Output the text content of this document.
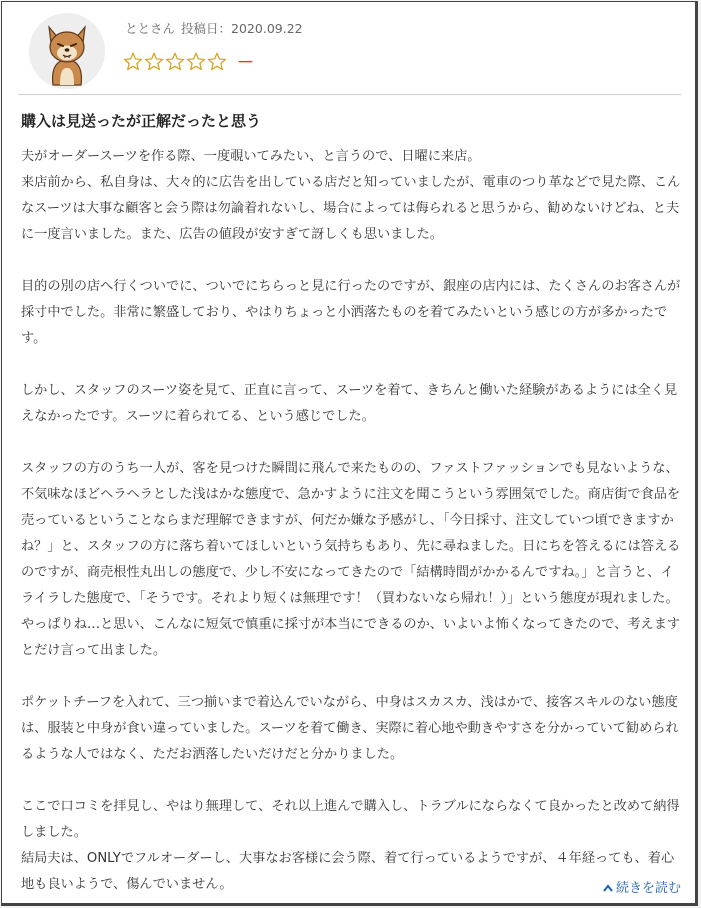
ととさん 投稿日：2020.09.22
－
購入は見送ったが正解だったと思う

夫がオーダースーツを作る際、一度覗いてみたい、と言うので、日曜に来店。

来店前から、私自身は、大々的に広告を出している店だと知っていましたが、電車のつり革などで見た際、こんなスーツは大事な顧客と会う際は勿論着れないし、場合によっては侮られると思うから、勧めないけどね、と夫に一度言いました。また、広告の値段が安すぎて訝しくも思いました。

目的の別の店へ行くついでに、ついでにちらっと見に行ったのですが、銀座の店内には、たくさんのお客さんが採寸中でした。非常に繁盛しており、やはりちょっと小洒落たものを着てみたいという感じの方が多かったです。

しかし、スタッフのスーツ姿を見て、正直に言って、スーツを着て、きちんと働いた経験があるようには全く見えなかったです。スーツに着られてる、という感じでした。

スタッフの方のうち一人が、客を見つけた瞬間に飛んで来たものの、ファストファッションでも見ないような、不気味なほどヘラヘラとした浅はかな態度で、急かすように注文を聞こうという雰囲気でした。商店街で食品を売っているということならまだ理解できますが、何だか嫌な予感がし、「今日採寸、注文していつ頃できますかね？」と、スタッフの方に落ち着いてほしいという気持ちもあり、先に尋ねました。日にちを答えるには答えるのですが、商売根性丸出しの態度で、少し不安になってきたので「結構時間がかかるんですね。」と言うと、イライラした態度で、「そうです。それより短くは無理です！（買わないなら帰れ！）」という態度が現れました。やっぱりね…と思い、こんなに短気で慎重に採寸が本当にできるのか、いよいよ怖くなってきたので、考えますとだけ言って出ました。

ポケットチーフを入れて、三つ揃いまで着込んでいながら、中身はスカスカ、浅はかで、接客スキルのない態度は、服装と中身が食い違っていました。スーツを着て働き、実際に着心地や動きやすさを分かっていて勧められるような人ではなく、ただお洒落したいだけだと分かりました。

ここで口コミを拝見し、やはり無理して、それ以上進んで購入し、トラブルにならなくて良かったと改めて納得しました。

結局夫は、ONLYでフルオーダーし、大事なお客様に会う際、着て行っているようですが、４年経っても、着心地も良いようで、傷んでいません。	続きを読む
